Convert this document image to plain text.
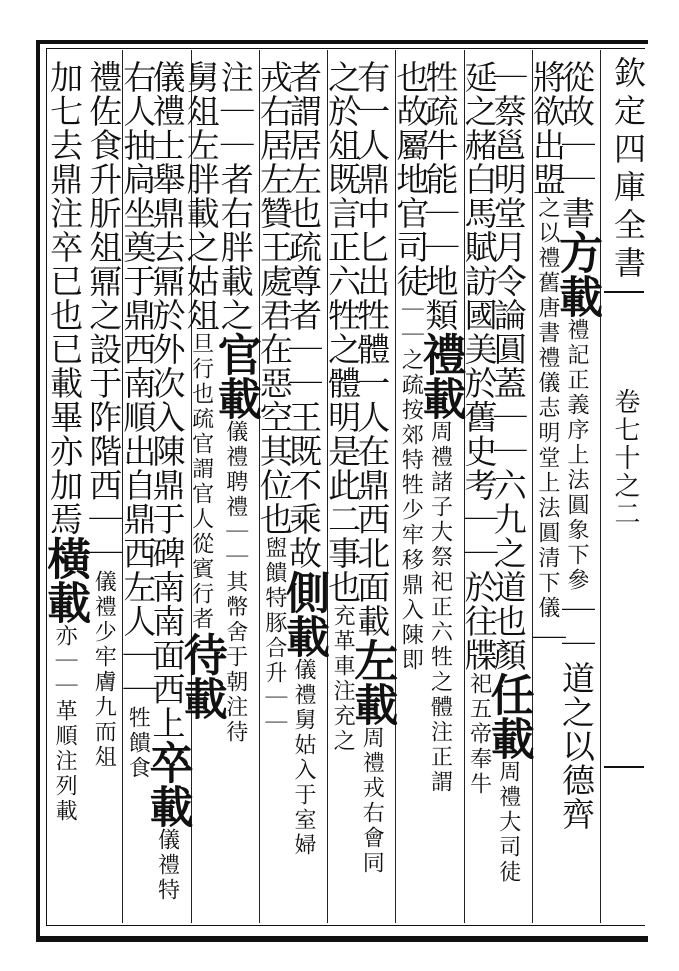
欽定四庫全書
卷七十之二
從故｜｜書方載禮記正義序上法圓象下參｜｜道之以德齊
將欲出盟之以禮舊唐書禮儀志明堂上法圓清下儀｜
｜蔡邕明堂月令論圓蓋｜｜六九之道也顏任載周禮大司徒
延之赭白馬賦訪國美於舊史考｜｜於往牒祀五帝奉牛
牲疏牛能｜｜地類禮載周禮諸子大祭祀正六牲之體注正謂
也故屬地官司徒｜｜之疏按郊特牲少牢移鼎入陳即
有一人鼎中匕出牲體一人在鼎西北面載左載周禮戎右會同
之於俎既言正六牲之體明是此二事也充革車注充之
者謂居左也疏尊者｜｜王既不乘故側載儀禮舅姑入于室婦
戎右居左贊王處君在惡空其位也盥饋特豚合升｜｜
注｜｜者右胖載之官載儀禮聘禮｜｜其幣舍于朝注待
舅俎左胖載之姑俎旦行也疏官謂官人從賓行者待載
儀禮士舉鼎去鼏於外次入陳鼎于碑南南面西上卒載儀禮特
右人抽扃坐奠于鼎西南順出自鼎西左人｜｜牲饋食
禮佐食升肵俎鼏之設于阼階西｜｜儀禮少牢膚九而俎
加七去鼎注卒已也已載畢亦加焉橫載亦｜｜革順注列載
